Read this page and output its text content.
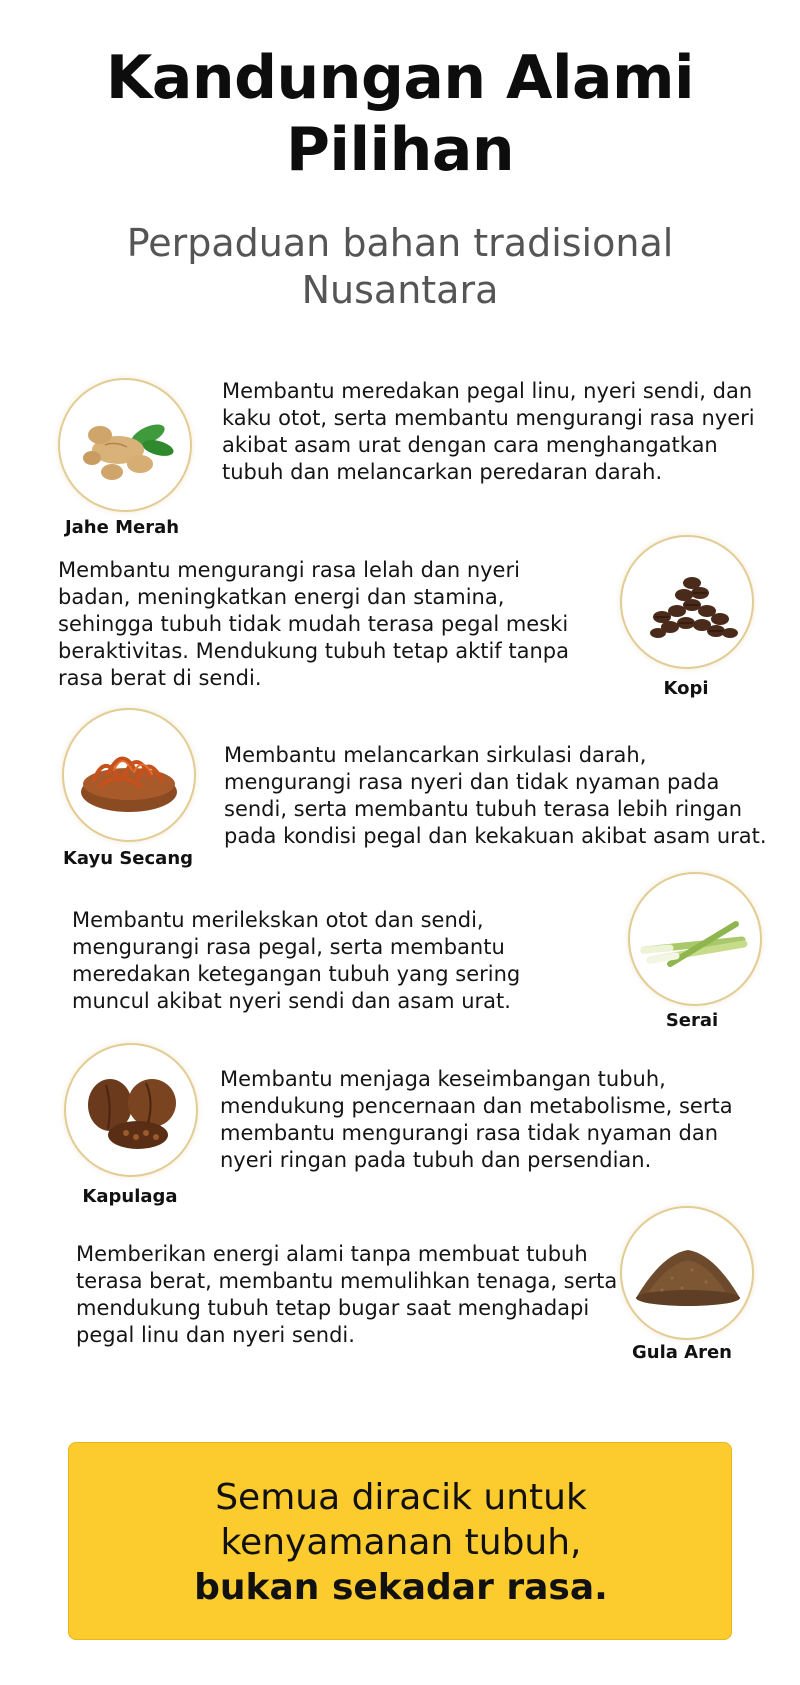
Kandungan Alami Pilihan
Perpaduan bahan tradisional Nusantara
Jahe Merah

Membantu meredakan pegal linu, nyeri sendi, dan kaku otot, serta membantu mengurangi rasa nyeri akibat asam urat dengan cara menghangatkan tubuh dan melancarkan peredaran darah.

Membantu mengurangi rasa lelah dan nyeri badan, meningkatkan energi dan stamina, sehingga tubuh tidak mudah terasa pegal meski beraktivitas. Mendukung tubuh tetap aktif tanpa rasa berat di sendi.	Kopi
Kayu Secang

Membantu melancarkan sirkulasi darah, mengurangi rasa nyeri dan tidak nyaman pada sendi, serta membantu tubuh terasa lebih ringan pada kondisi pegal dan kekakuan akibat asam urat.

Membantu merilekskan otot dan sendi, mengurangi rasa pegal, serta membantu meredakan ketegangan tubuh yang sering muncul akibat nyeri sendi dan asam urat.

Serai
Kapulaga

Membantu menjaga keseimbangan tubuh, mendukung pencernaan dan metabolisme, serta membantu mengurangi rasa tidak nyaman dan nyeri ringan pada tubuh dan persendian.

Memberikan energi alami tanpa membuat tubuh terasa berat, membantu memulihkan tenaga, serta mendukung tubuh tetap bugar saat menghadapi pegal linu dan nyeri sendi.

Gula Aren
Semua diracik untuk
kenyamanan tubuh,
bukan sekadar rasa.
